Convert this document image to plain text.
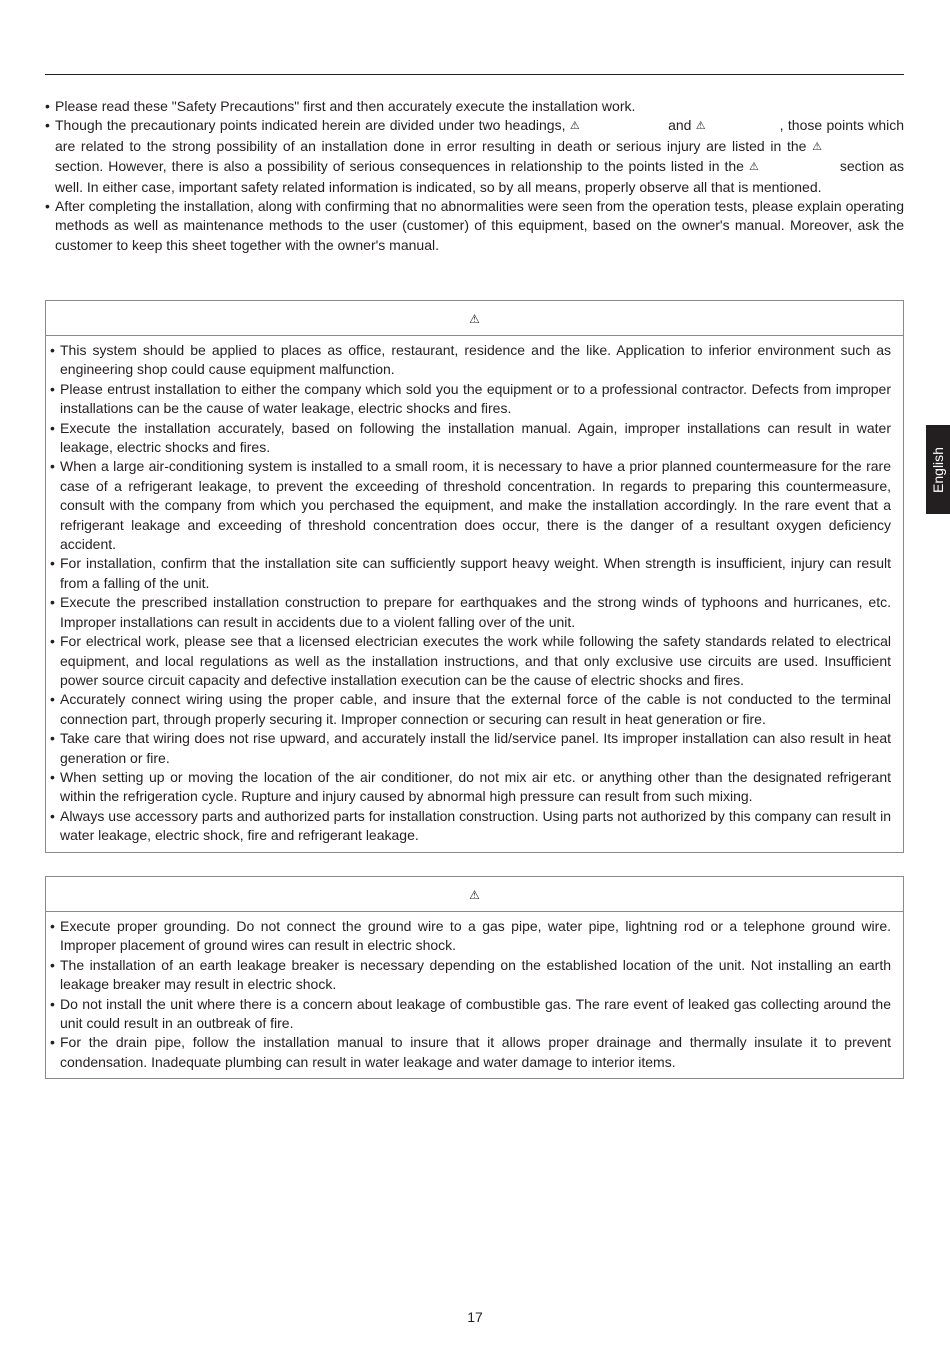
• Please read these "Safety Precautions" first and then accurately execute the installation work.
• Though the precautionary points indicated herein are divided under two headings, ⚠	and ⚠	, those points which are related to the strong possibility of an installation done in error resulting in death or serious injury are listed in the ⚠ section. However, there is also a possibility of serious consequences in relationship to the points listed in the ⚠	section as well. In either case, important safety related information is indicated, so by all means, properly observe all that is mentioned.
• After completing the installation, along with confirming that no abnormalities were seen from the operation tests, please explain operating methods as well as maintenance methods to the user (customer) of this equipment, based on the owner's manual. Moreover, ask the customer to keep this sheet together with the owner's manual.
⚠
• This system should be applied to places as office, restaurant, residence and the like. Application to inferior environment such as engineering shop could cause equipment malfunction.
• Please entrust installation to either the company which sold you the equipment or to a professional contractor. Defects from improper installations can be the cause of water leakage, electric shocks and fires.
• Execute the installation accurately, based on following the installation manual. Again, improper installations can result in water leakage, electric shocks and fires.
• When a large air-conditioning system is installed to a small room, it is necessary to have a prior planned countermeasure for the rare case of a refrigerant leakage, to prevent the exceeding of threshold concentration. In regards to preparing this countermeasure, consult with the company from which you perchased the equipment, and make the installation accordingly. In the rare event that a refrigerant leakage and exceeding of threshold concentration does occur, there is the danger of a resultant oxygen deficiency accident.
• For installation, confirm that the installation site can sufficiently support heavy weight. When strength is insufficient, injury can result from a falling of the unit.
• Execute the prescribed installation construction to prepare for earthquakes and the strong winds of typhoons and hurricanes, etc. Improper installations can result in accidents due to a violent falling over of the unit.
• For electrical work, please see that a licensed electrician executes the work while following the safety standards related to electrical equipment, and local regulations as well as the installation instructions, and that only exclusive use circuits are used. Insufficient power source circuit capacity and defective installation execution can be the cause of electric shocks and fires.
• Accurately connect wiring using the proper cable, and insure that the external force of the cable is not conducted to the terminal connection part, through properly securing it. Improper connection or securing can result in heat generation or fire.
• Take care that wiring does not rise upward, and accurately install the lid/service panel. Its improper installation can also result in heat generation or fire.
• When setting up or moving the location of the air conditioner, do not mix air etc. or anything other than the designated refrigerant within the refrigeration cycle. Rupture and injury caused by abnormal high pressure can result from such mixing.
• Always use accessory parts and authorized parts for installation construction. Using parts not authorized by this company can result in water leakage, electric shock, fire and refrigerant leakage.
⚠
• Execute proper grounding. Do not connect the ground wire to a gas pipe, water pipe, lightning rod or a telephone ground wire. Improper placement of ground wires can result in electric shock.
• The installation of an earth leakage breaker is necessary depending on the established location of the unit. Not installing an earth leakage breaker may result in electric shock.
• Do not install the unit where there is a concern about leakage of combustible gas. The rare event of leaked gas collecting around the unit could result in an outbreak of fire.
• For the drain pipe, follow the installation manual to insure that it allows proper drainage and thermally insulate it to prevent condensation. Inadequate plumbing can result in water leakage and water damage to interior items.
English
17
